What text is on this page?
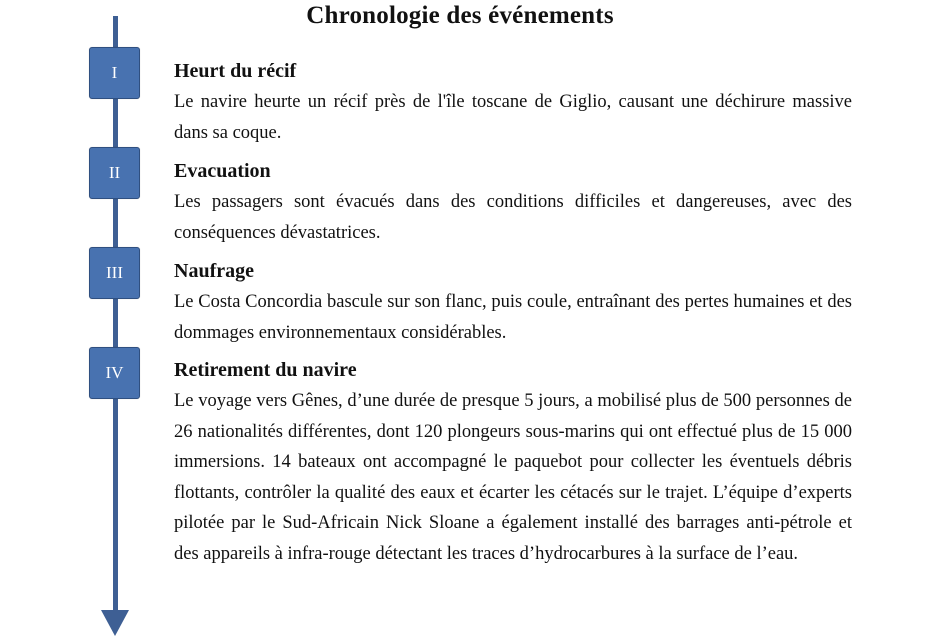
Chronologie des événements
I
II
III
IV
Heurt du récif

Le navire heurte un récif près de l'île toscane de Giglio, causant une déchirure massive dans sa coque.

Evacuation

Les passagers sont évacués dans des conditions difficiles et dangereuses, avec des conséquences dévastatrices.

Naufrage

Le Costa Concordia bascule sur son flanc, puis coule, entraînant des pertes humaines et des dommages environnementaux considérables.

Retirement du navire

Le voyage vers Gênes, d’une durée de presque 5 jours, a mobilisé plus de 500 personnes de 26 nationalités différentes, dont 120 plongeurs sous-marins qui ont effectué plus de 15 000 immersions. 14 bateaux ont accompagné le paquebot pour collecter les éventuels débris flottants, contrôler la qualité des eaux et écarter les cétacés sur le trajet. L’équipe d’experts pilotée par le Sud-Africain Nick Sloane a également installé des barrages anti-pétrole et des appareils à infra-rouge détectant les traces d’hydrocarbures à la surface de l’eau.
